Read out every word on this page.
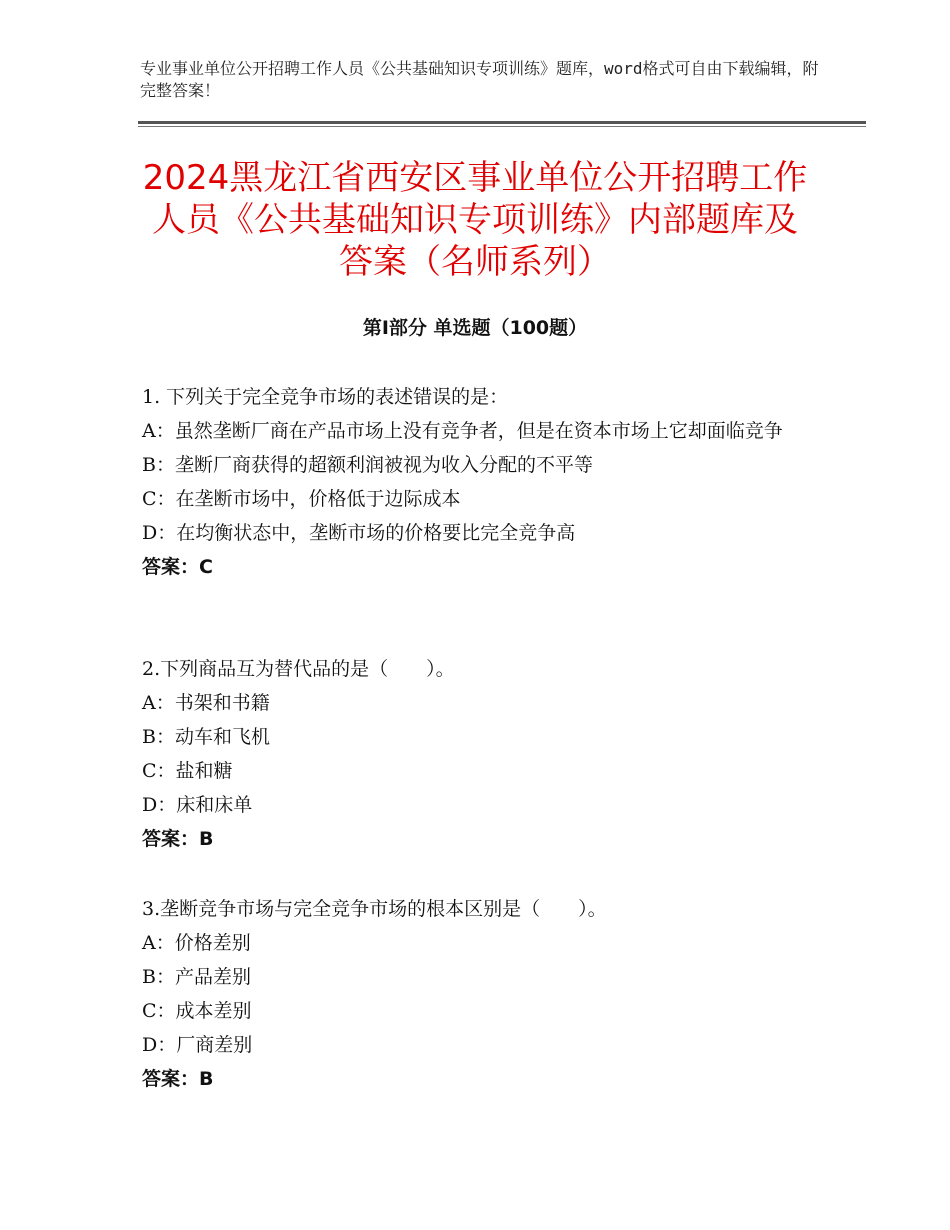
专业事业单位公开招聘工作人员《公共基础知识专项训练》题库，word格式可自由下载编辑，附完整答案！
2024黑龙江省西安区事业单位公开招聘工作人员《公共基础知识专项训练》内部题库及答案（名师系列）
第Ⅰ部分 单选题（100题）
1. 下列关于完全竞争市场的表述错误的是：
A：虽然垄断厂商在产品市场上没有竞争者，但是在资本市场上它却面临竞争
B：垄断厂商获得的超额利润被视为收入分配的不平等
C：在垄断市场中，价格低于边际成本
D：在均衡状态中，垄断市场的价格要比完全竞争高
答案：C
2.下列商品互为替代品的是（　　）。
A：书架和书籍
B：动车和飞机
C：盐和糖
D：床和床单
答案：B
3.垄断竞争市场与完全竞争市场的根本区别是（　　）。
A：价格差别
B：产品差别
C：成本差别
D：厂商差别
答案：B
